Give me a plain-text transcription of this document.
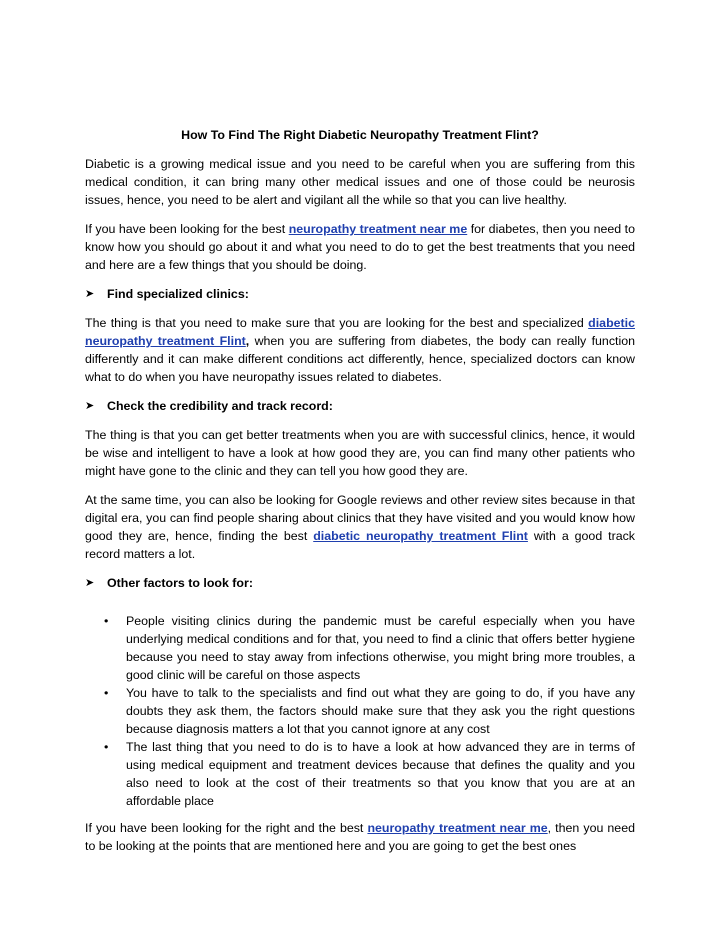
How To Find The Right Diabetic Neuropathy Treatment Flint?

Diabetic is a growing medical issue and you need to be careful when you are suffering from this medical condition, it can bring many other medical issues and one of those could be neurosis issues, hence, you need to be alert and vigilant all the while so that you can live healthy.

If you have been looking for the best neuropathy treatment near me for diabetes, then you need to know how you should go about it and what you need to do to get the best treatments that you need and here are a few things that you should be doing.

➤	Find specialized clinics:

The thing is that you need to make sure that you are looking for the best and specialized diabetic neuropathy treatment Flint, when you are suffering from diabetes, the body can really function differently and it can make different conditions act differently, hence, specialized doctors can know what to do when you have neuropathy issues related to diabetes.

➤	Check the credibility and track record:

The thing is that you can get better treatments when you are with successful clinics, hence, it would be wise and intelligent to have a look at how good they are, you can find many other patients who might have gone to the clinic and they can tell you how good they are.

At the same time, you can also be looking for Google reviews and other review sites because in that digital era, you can find people sharing about clinics that they have visited and you would know how good they are, hence, finding the best diabetic neuropathy treatment Flint with a good track record matters a lot.

➤	Other factors to look for:
• People visiting clinics during the pandemic must be careful especially when you have underlying medical conditions and for that, you need to find a clinic that offers better hygiene because you need to stay away from infections otherwise, you might bring more troubles, a good clinic will be careful on those aspects
• You have to talk to the specialists and find out what they are going to do, if you have any doubts they ask them, the factors should make sure that they ask you the right questions because diagnosis matters a lot that you cannot ignore at any cost
• The last thing that you need to do is to have a look at how advanced they are in terms of using medical equipment and treatment devices because that defines the quality and you also need to look at the cost of their treatments so that you know that you are at an affordable place

If you have been looking for the right and the best neuropathy treatment near me, then you need to be looking at the points that are mentioned here and you are going to get the best ones
